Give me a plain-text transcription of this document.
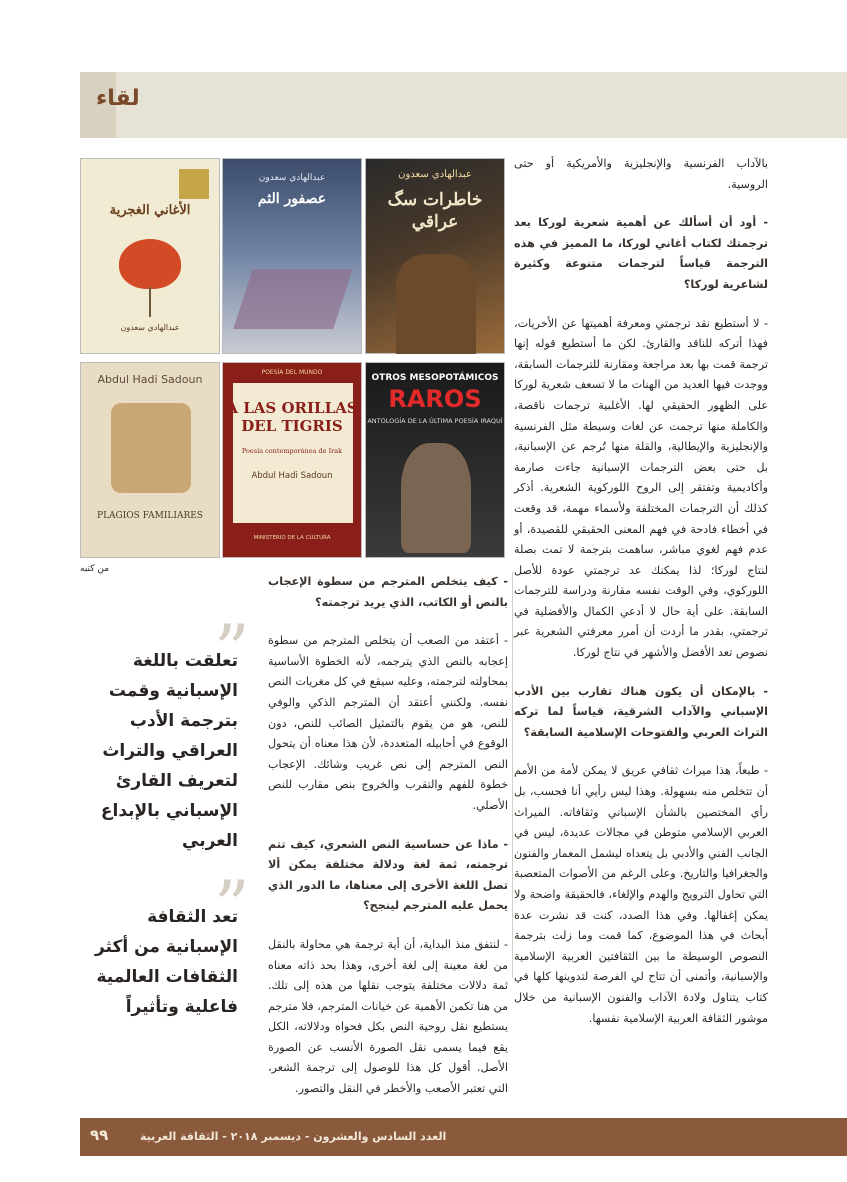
لقاء
عبدالهادي سعدون
خاطرات سگ عراقي
عبدالهادي سعدون
عصفور الثم
الأغاني الغجرية
عبدالهادي سعدون
OTROS MESOPOTÁMICOS
RAROS
ANTOLOGÍA DE LA ÚLTIMA POESÍA IRAQUÍ
POESÍA DEL MUNDO
A LAS ORILLAS DEL TIGRIS
Poesía contemporánea de Irak
Abdul Hadi Sadoun
MINISTERIO DE LA CULTURA
Abdul Hadi Sadoun
PLAGIOS FAMILIARES
من كتبه

بالآداب الفرنسية والإنجليزية والأمريكية أو حتى الروسية.

- أود أن أسألك عن أهمية شعرية لوركا بعد ترجمتك لكتاب أغاني لوركا، ما المميز في هذه الترجمة قياساً لترجمات متنوعة وكثيرة لشاعرية لوركا؟

- لا أستطيع نقد ترجمتي ومعرفة أهميتها عن الأخريات، فهذا أتركه للناقد والقارئ. لكن ما أستطيع قوله إنها ترجمة قمت بها بعد مراجعة ومقارنة للترجمات السابقة، ووجدت فيها العديد من الهنات ما لا تسعف شعرية لوركا على الظهور الحقيقي لها. الأغلبية ترجمات ناقصة، والكاملة منها ترجمت عن لغات وسيطة مثل الفرنسية والإنجليزية والإيطالية، والقلة منها تُرجم عن الإسبانية، بل حتى بعض الترجمات الإسبانية جاءت صارمة وأكاديمية وتفتقر إلى الروح اللوركوية الشعرية. أذكر كذلك أن الترجمات المختلفة ولأسماء مهمة، قد وقعت في أخطاء فادحة في فهم المعنى الحقيقي للقصيدة، أو عدم فهم لغوي مباشر، ساهمت بترجمة لا تمت بصلة لنتاج لوركا؛ لذا يمكنك عد ترجمتي عودة للأصل اللوركوي، وفي الوقت نفسه مقارنة ودراسة للترجمات السابقة. على أية حال لا أدعي الكمال والأفضلية في ترجمتي، بقدر ما أردت أن أمرر معرفتي الشعرية عبر نصوص تعد الأفضل والأشهر في نتاج لوركا.

- بالإمكان أن يكون هناك تقارب بين الأدب الإسباني والآداب الشرقية، قياساً لما تركه التراث العربي والفتوحات الإسلامية السابقة؟

- طبعاً، هذا ميراث ثقافي عريق لا يمكن لأمة من الأمم أن تتخلص منه بسهولة. وهذا ليس رأيي أنا فحسب، بل رأي المختصين بالشأن الإسباني وثقافاته. الميراث العربي الإسلامي متوطن في مجالات عديدة، ليس في الجانب الفني والأدبي بل يتعداه ليشمل المعمار والفنون والجغرافيا والتاريخ. وعلى الرغم من الأصوات المتعصبة التي تحاول الترويج والهدم والإلغاء، فالحقيقة واضحة ولا يمكن إغفالها. وفي هذا الصدد، كنت قد نشرت عدة أبحاث في هذا الموضوع، كما قمت وما زلت بترجمة النصوص الوسيطة ما بين الثقافتين العربية الإسلامية والإسبانية، وأتمنى أن تتاح لي الفرصة لتدوينها كلها في كتاب يتناول ولادة الآداب والفنون الإسبانية من خلال موشور الثقافة العربية الإسلامية نفسها.

- كيف يتخلص المترجم من سطوة الإعجاب بالنص أو الكاتب، الذي يريد ترجمته؟

- أعتقد من الصعب أن يتخلص المترجم من سطوة إعجابه بالنص الذي يترجمه، لأنه الخطوة الأساسية بمحاولته لترجمته، وعليه سيقع في كل مغريات النص نفسه. ولكنني أعتقد أن المترجم الذكي والوفي للنص، هو من يقوم بالتمثيل الصائب للنص، دون الوقوع في أحابيله المتعددة، لأن هذا معناه أن يتحول النص المترجم إلى نص غريب وشائك. الإعجاب خطوة للفهم والتقرب والخروج بنص مقارب للنص الأصلي.

- ماذا عن حساسية النص الشعري، كيف تتم ترجمته، ثمة لغة ودلالة مختلفة يمكن ألا تصل اللغة الأخرى إلى معناها، ما الدور الذي يحمل عليه المترجم لينجح؟

- لنتفق منذ البداية، أن أية ترجمة هي محاولة بالنقل من لغة معينة إلى لغة أخرى، وهذا بحد ذاته معناه ثمة دلالات مختلفة يتوجب نقلها من هذه إلى تلك. من هنا تكمن الأهمية عن خيانات المترجم، فلا مترجم يستطيع نقل روحية النص بكل فحواه ودلالاته، الكل يقع فيما يسمى نقل الصورة الأنسب عن الصورة الأصل. أقول كل هذا للوصول إلى ترجمة الشعر، التي تعتبر الأصعب والأخطر في النقل والتصور.

”
تعلقت باللغة الإسبانية وقمت بترجمة الأدب العراقي والتراث لتعريف القارئ الإسباني بالإبداع العربي
”
تعد الثقافة الإسبانية من أكثر الثقافات العالمية فاعلية وتأثيراً
العدد السادس والعشرون - ديسمبر ٢٠١٨ - الثقافة العربية
٩٩
